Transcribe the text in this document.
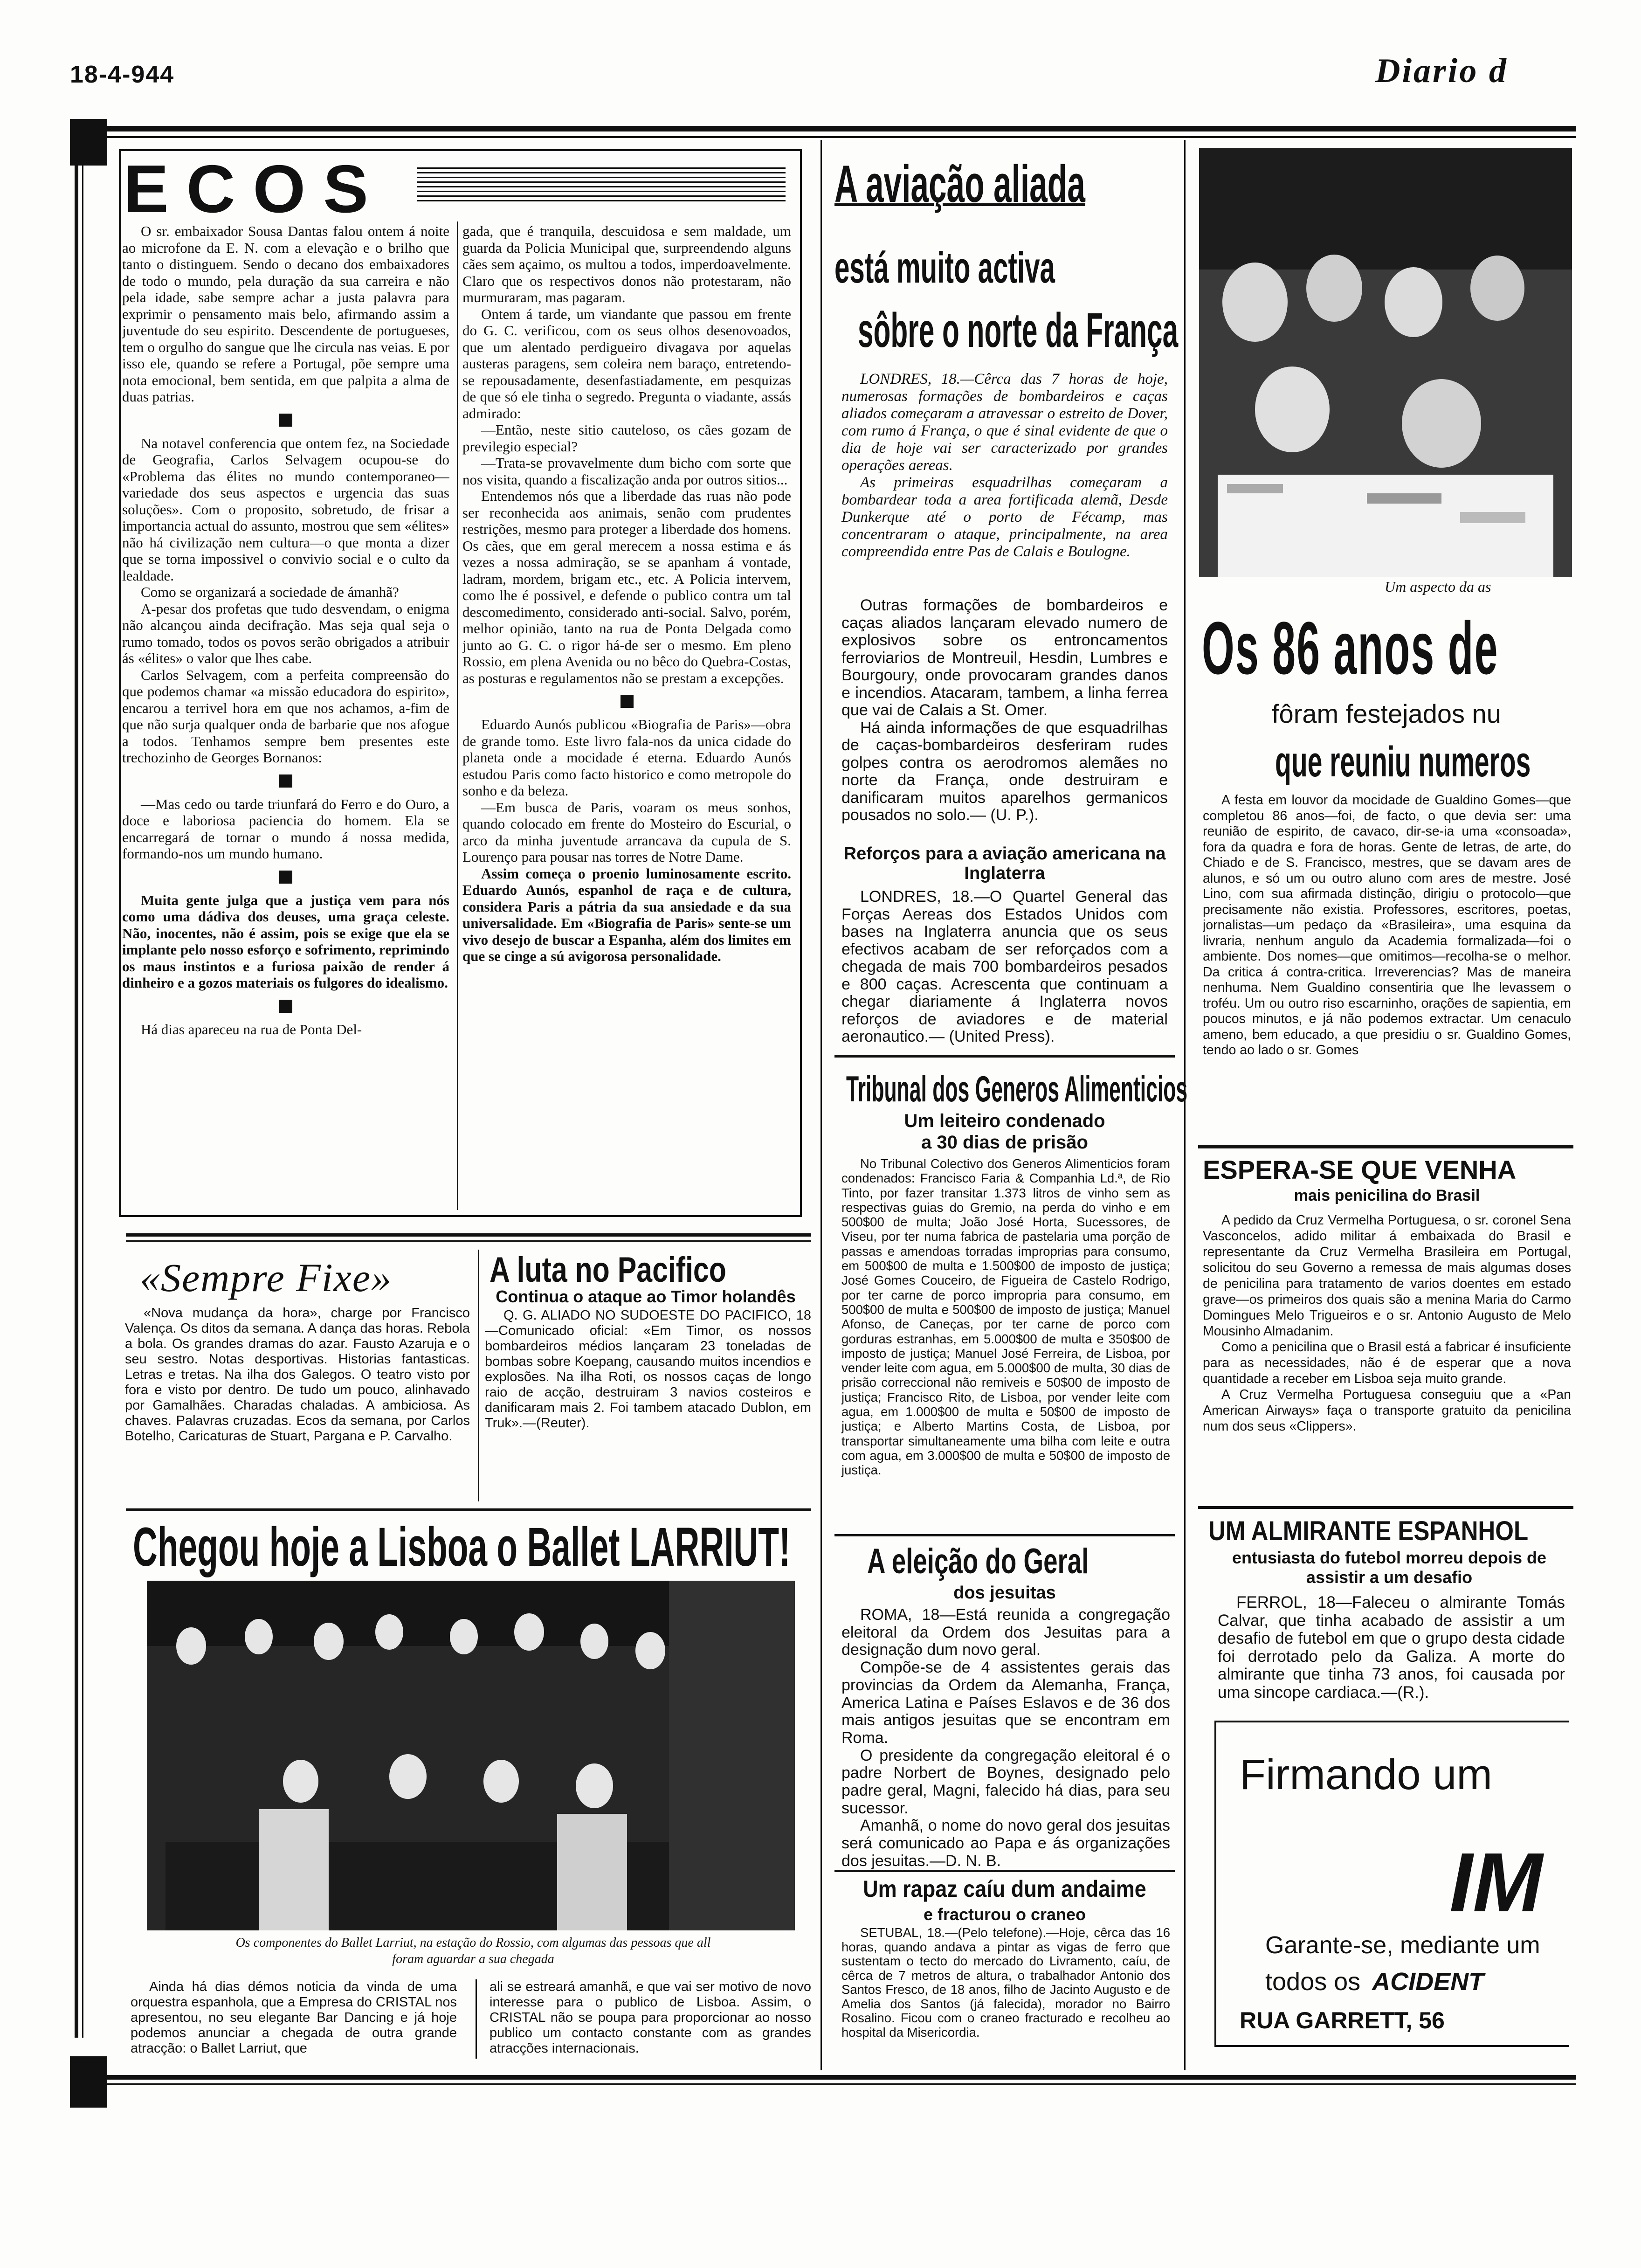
18-4-944	Diario d
ECOS

O sr. embaixador Sousa Dantas falou ontem á noite ao microfone da E. N. com a elevação e o brilho que tanto o distinguem. Sendo o decano dos embaixadores de todo o mundo, pela duração da sua carreira e não pela idade, sabe sempre achar a justa palavra para exprimir o pensamento mais belo, afirmando assim a juventude do seu espirito. Descendente de portugueses, tem o orgulho do sangue que lhe circula nas veias. E por isso ele, quando se refere a Portugal, põe sempre uma nota emocional, bem sentida, em que palpita a alma de duas patrias.

Na notavel conferencia que ontem fez, na Sociedade de Geografia, Carlos Selvagem ocupou-se do «Problema das élites no mundo contemporaneo—variedade dos seus aspectos e urgencia das suas soluções». Com o proposito, sobretudo, de frisar a importancia actual do assunto, mostrou que sem «élites» não há civilização nem cultura—o que monta a dizer que se torna impossivel o convivio social e o culto da lealdade.

Como se organizará a sociedade de ámanhã?

A-pesar dos profetas que tudo desvendam, o enigma não alcançou ainda decifração. Mas seja qual seja o rumo tomado, todos os povos serão obrigados a atribuir ás «élites» o valor que lhes cabe.

Carlos Selvagem, com a perfeita compreensão do que podemos chamar «a missão educadora do espirito», encarou a terrivel hora em que nos achamos, a-fim de que não surja qualquer onda de barbarie que nos afogue a todos. Tenhamos sempre bem presentes este trechozinho de Georges Bornanos:

—Mas cedo ou tarde triunfará do Ferro e do Ouro, a doce e laboriosa paciencia do homem. Ela se encarregará de tornar o mundo á nossa medida, formando-nos um mundo humano.

Muita gente julga que a justiça vem para nós como uma dádiva dos deuses, uma graça celeste. Não, inocentes, não é assim, pois se exige que ela se implante pelo nosso esforço e sofrimento, reprimindo os maus instintos e a furiosa paixão de render á dinheiro e a gozos materiais os fulgores do idealismo.

Há dias apareceu na rua de Ponta Del-

gada, que é tranquila, descuidosa e sem maldade, um guarda da Policia Municipal que, surpreendendo alguns cães sem açaimo, os multou a todos, imperdoavelmente. Claro que os respectivos donos não protestaram, não murmuraram, mas pagaram.

Ontem á tarde, um viandante que passou em frente do G. C. verificou, com os seus olhos desenovoados, que um alentado perdigueiro divagava por aquelas austeras paragens, sem coleira nem baraço, entretendo-se repousadamente, desenfastiadamente, em pesquizas de que só ele tinha o segredo. Pregunta o viadante, assás admirado:

—Então, neste sitio cauteloso, os cães gozam de previlegio especial?

—Trata-se provavelmente dum bicho com sorte que nos visita, quando a fiscalização anda por outros sitios...

Entendemos nós que a liberdade das ruas não pode ser reconhecida aos animais, senão com prudentes restrições, mesmo para proteger a liberdade dos homens. Os cães, que em geral merecem a nossa estima e ás vezes a nossa admiração, se se apanham á vontade, ladram, mordem, brigam etc., etc. A Policia intervem, como lhe é possivel, e defende o publico contra um tal descomedimento, considerado anti-social. Salvo, porém, melhor opinião, tanto na rua de Ponta Delgada como junto ao G. C. o rigor há-de ser o mesmo. Em pleno Rossio, em plena Avenida ou no bêco do Quebra-Costas, as posturas e regulamentos não se prestam a excepções.

Eduardo Aunós publicou «Biografia de Paris»—obra de grande tomo. Este livro fala-nos da unica cidade do planeta onde a mocidade é eterna. Eduardo Aunós estudou Paris como facto historico e como metropole do sonho e da beleza.

—Em busca de Paris, voaram os meus sonhos, quando colocado em frente do Mosteiro do Escurial, o arco da minha juventude arrancava da cupula de S. Lourenço para pousar nas torres de Notre Dame.

Assim começa o proenio luminosamente escrito. Eduardo Aunós, espanhol de raça e de cultura, considera Paris a pátria da sua ansiedade e da sua universalidade. Em «Biografia de Paris» sente-se um vivo desejo de buscar a Espanha, além dos limites em que se cinge a sú avigorosa personalidade.

A aviação aliada
está muito activa
sôbre o norte da França

LONDRES, 18.—Cêrca das 7 horas de hoje, numerosas formações de bombardeiros e caças aliados começaram a atravessar o estreito de Dover, com rumo á França, o que é sinal evidente de que o dia de hoje vai ser caracterizado por grandes operações aereas.

As primeiras esquadrilhas começaram a bombardear toda a area fortificada alemã, Desde Dunkerque até o porto de Fécamp, mas concentraram o ataque, principalmente, na area compreendida entre Pas de Calais e Boulogne.

Outras formações de bombardeiros e caças aliados lançaram elevado numero de explosivos sobre os entroncamentos ferroviarios de Montreuil, Hesdin, Lumbres e Bourgoury, onde provocaram grandes danos e incendios. Atacaram, tambem, a linha ferrea que vai de Calais a St. Omer.

Há ainda informações de que esquadrilhas de caças-bombardeiros desferiram rudes golpes contra os aerodromos alemães no norte da França, onde destruiram e danificaram muitos aparelhos germanicos pousados no solo.— (U. P.).

Reforços para a aviação americana na Inglaterra

LONDRES, 18.—O Quartel General das Forças Aereas dos Estados Unidos com bases na Inglaterra anuncia que os seus efectivos acabam de ser reforçados com a chegada de mais 700 bombardeiros pesados e 800 caças. Acrescenta que continuam a chegar diariamente á Inglaterra novos reforços de aviadores e de material aeronautico.— (United Press).

Tribunal dos Generos Alimenticios
Um leiteiro condenado
a 30 dias de prisão

No Tribunal Colectivo dos Generos Alimenticios foram condenados: Francisco Faria & Companhia Ld.ª, de Rio Tinto, por fazer transitar 1.373 litros de vinho sem as respectivas guias do Gremio, na perda do vinho e em 500$00 de multa; João José Horta, Sucessores, de Viseu, por ter numa fabrica de pastelaria uma porção de passas e amendoas torradas improprias para consumo, em 500$00 de multa e 1.500$00 de imposto de justiça; José Gomes Couceiro, de Figueira de Castelo Rodrigo, por ter carne de porco impropria para consumo, em 500$00 de multa e 500$00 de imposto de justiça; Manuel Afonso, de Caneças, por ter carne de porco com gorduras estranhas, em 5.000$00 de multa e 350$00 de imposto de justiça; Manuel José Ferreira, de Lisboa, por vender leite com agua, em 5.000$00 de multa, 30 dias de prisão correccional não remiveis e 50$00 de imposto de justiça; Francisco Rito, de Lisboa, por vender leite com agua, em 1.000$00 de multa e 50$00 de imposto de justiça; e Alberto Martins Costa, de Lisboa, por transportar simultaneamente uma bilha com leite e outra com agua, em 3.000$00 de multa e 50$00 de imposto de justiça.

A eleição do Geral
dos jesuitas

ROMA, 18—Está reunida a congregação eleitoral da Ordem dos Jesuitas para a designação dum novo geral.

Compõe-se de 4 assistentes gerais das provincias da Ordem da Alemanha, França, America Latina e Países Eslavos e de 36 dos mais antigos jesuitas que se encontram em Roma.

O presidente da congregação eleitoral é o padre Norbert de Boynes, designado pelo padre geral, Magni, falecido há dias, para seu sucessor.

Amanhã, o nome do novo geral dos jesuitas será comunicado ao Papa e ás organizações dos jesuitas.—D. N. B.

Um rapaz caíu dum andaime
e fracturou o craneo

SETUBAL, 18.—(Pelo telefone).—Hoje, cêrca das 16 horas, quando andava a pintar as vigas de ferro que sustentam o tecto do mercado do Livramento, caíu, de cêrca de 7 metros de altura, o trabalhador Antonio dos Santos Fresco, de 18 anos, filho de Jacinto Augusto e de Amelia dos Santos (já falecida), morador no Bairro Rosalino. Ficou com o craneo fracturado e recolheu ao hospital da Misericordia.

Um aspecto da as
Os 86 anos de
fôram festejados nu
que reuniu numeros

A festa em louvor da mocidade de Gualdino Gomes—que completou 86 anos—foi, de facto, o que devia ser: uma reunião de espirito, de cavaco, dir-se-ia uma «consoada», fora da quadra e fora de horas. Gente de letras, de arte, do Chiado e de S. Francisco, mestres, que se davam ares de alunos, e só um ou outro aluno com ares de mestre. José Lino, com sua afirmada distinção, dirigiu o protocolo—que precisamente não existia. Professores, escritores, poetas, jornalistas—um pedaço da «Brasileira», uma esquina da livraria, nenhum angulo da Academia formalizada—foi o ambiente. Dos nomes—que omitimos—recolha-se o melhor. Da critica á contra-critica. Irreverencias? Mas de maneira nenhuma. Nem Gualdino consentiria que lhe levassem o troféu. Um ou outro riso escarninho, orações de sapientia, em poucos minutos, e já não podemos extractar. Um cenaculo ameno, bem educado, a que presidiu o sr. Gualdino Gomes, tendo ao lado o sr. Gomes

ESPERA-SE QUE VENHA
mais penicilina do Brasil

A pedido da Cruz Vermelha Portuguesa, o sr. coronel Sena Vasconcelos, adido militar á embaixada do Brasil e representante da Cruz Vermelha Brasileira em Portugal, solicitou do seu Governo a remessa de mais algumas doses de penicilina para tratamento de varios doentes em estado grave—os primeiros dos quais são a menina Maria do Carmo Domingues Melo Trigueiros e o sr. Antonio Augusto de Melo Mousinho Almadanim.

Como a penicilina que o Brasil está a fabricar é insuficiente para as necessidades, não é de esperar que a nova quantidade a receber em Lisboa seja muito grande.

A Cruz Vermelha Portuguesa conseguiu que a «Pan American Airways» faça o transporte gratuito da penicilina num dos seus «Clippers».

UM ALMIRANTE ESPANHOL
entusiasta do futebol morreu depois de assistir a um desafio

FERROL, 18—Faleceu o almirante Tomás Calvar, que tinha acabado de assistir a um desafio de futebol em que o grupo desta cidade foi derrotado pelo da Galiza. A morte do almirante que tinha 73 anos, foi causada por uma sincope cardiaca.—(R.).

Firmando um
IM
Garante-se, mediante um
todos os ACIDENT
RUA GARRETT, 56
«Sempre Fixe»

«Nova mudança da hora», charge por Francisco Valença. Os ditos da semana. A dança das horas. Rebola a bola. Os grandes dramas do azar. Fausto Azaruja e o seu sestro. Notas desportivas. Historias fantasticas. Letras e tretas. Na ilha dos Galegos. O teatro visto por fora e visto por dentro. De tudo um pouco, alinhavado por Gamalhães. Charadas chaladas. A ambiciosa. As chaves. Palavras cruzadas. Ecos da semana, por Carlos Botelho, Caricaturas de Stuart, Pargana e P. Carvalho.

A luta no Pacifico
Continua o ataque ao Timor holandês

Q. G. ALIADO NO SUDOESTE DO PACIFICO, 18—Comunicado oficial: «Em Timor, os nossos bombardeiros médios lançaram 23 toneladas de bombas sobre Koepang, causando muitos incendios e explosões. Na ilha Roti, os nossos caças de longo raio de acção, destruiram 3 navios costeiros e danificaram mais 2. Foi tambem atacado Dublon, em Truk».—(Reuter).

Chegou hoje a Lisboa o Ballet LARRIUT!
Os componentes do Ballet Larriut, na estação do Rossio, com algumas das pessoas que all
foram aguardar a sua chegada

Ainda há dias démos noticia da vinda de uma orquestra espanhola, que a Empresa do CRISTAL nos apresentou, no seu elegante Bar Dancing e já hoje podemos anunciar a chegada de outra grande atracção: o Ballet Larriut, que

ali se estreará amanhã, e que vai ser motivo de novo interesse para o publico de Lisboa. Assim, o CRISTAL não se poupa para proporcionar ao nosso publico um contacto constante com as grandes atracções internacionais.
